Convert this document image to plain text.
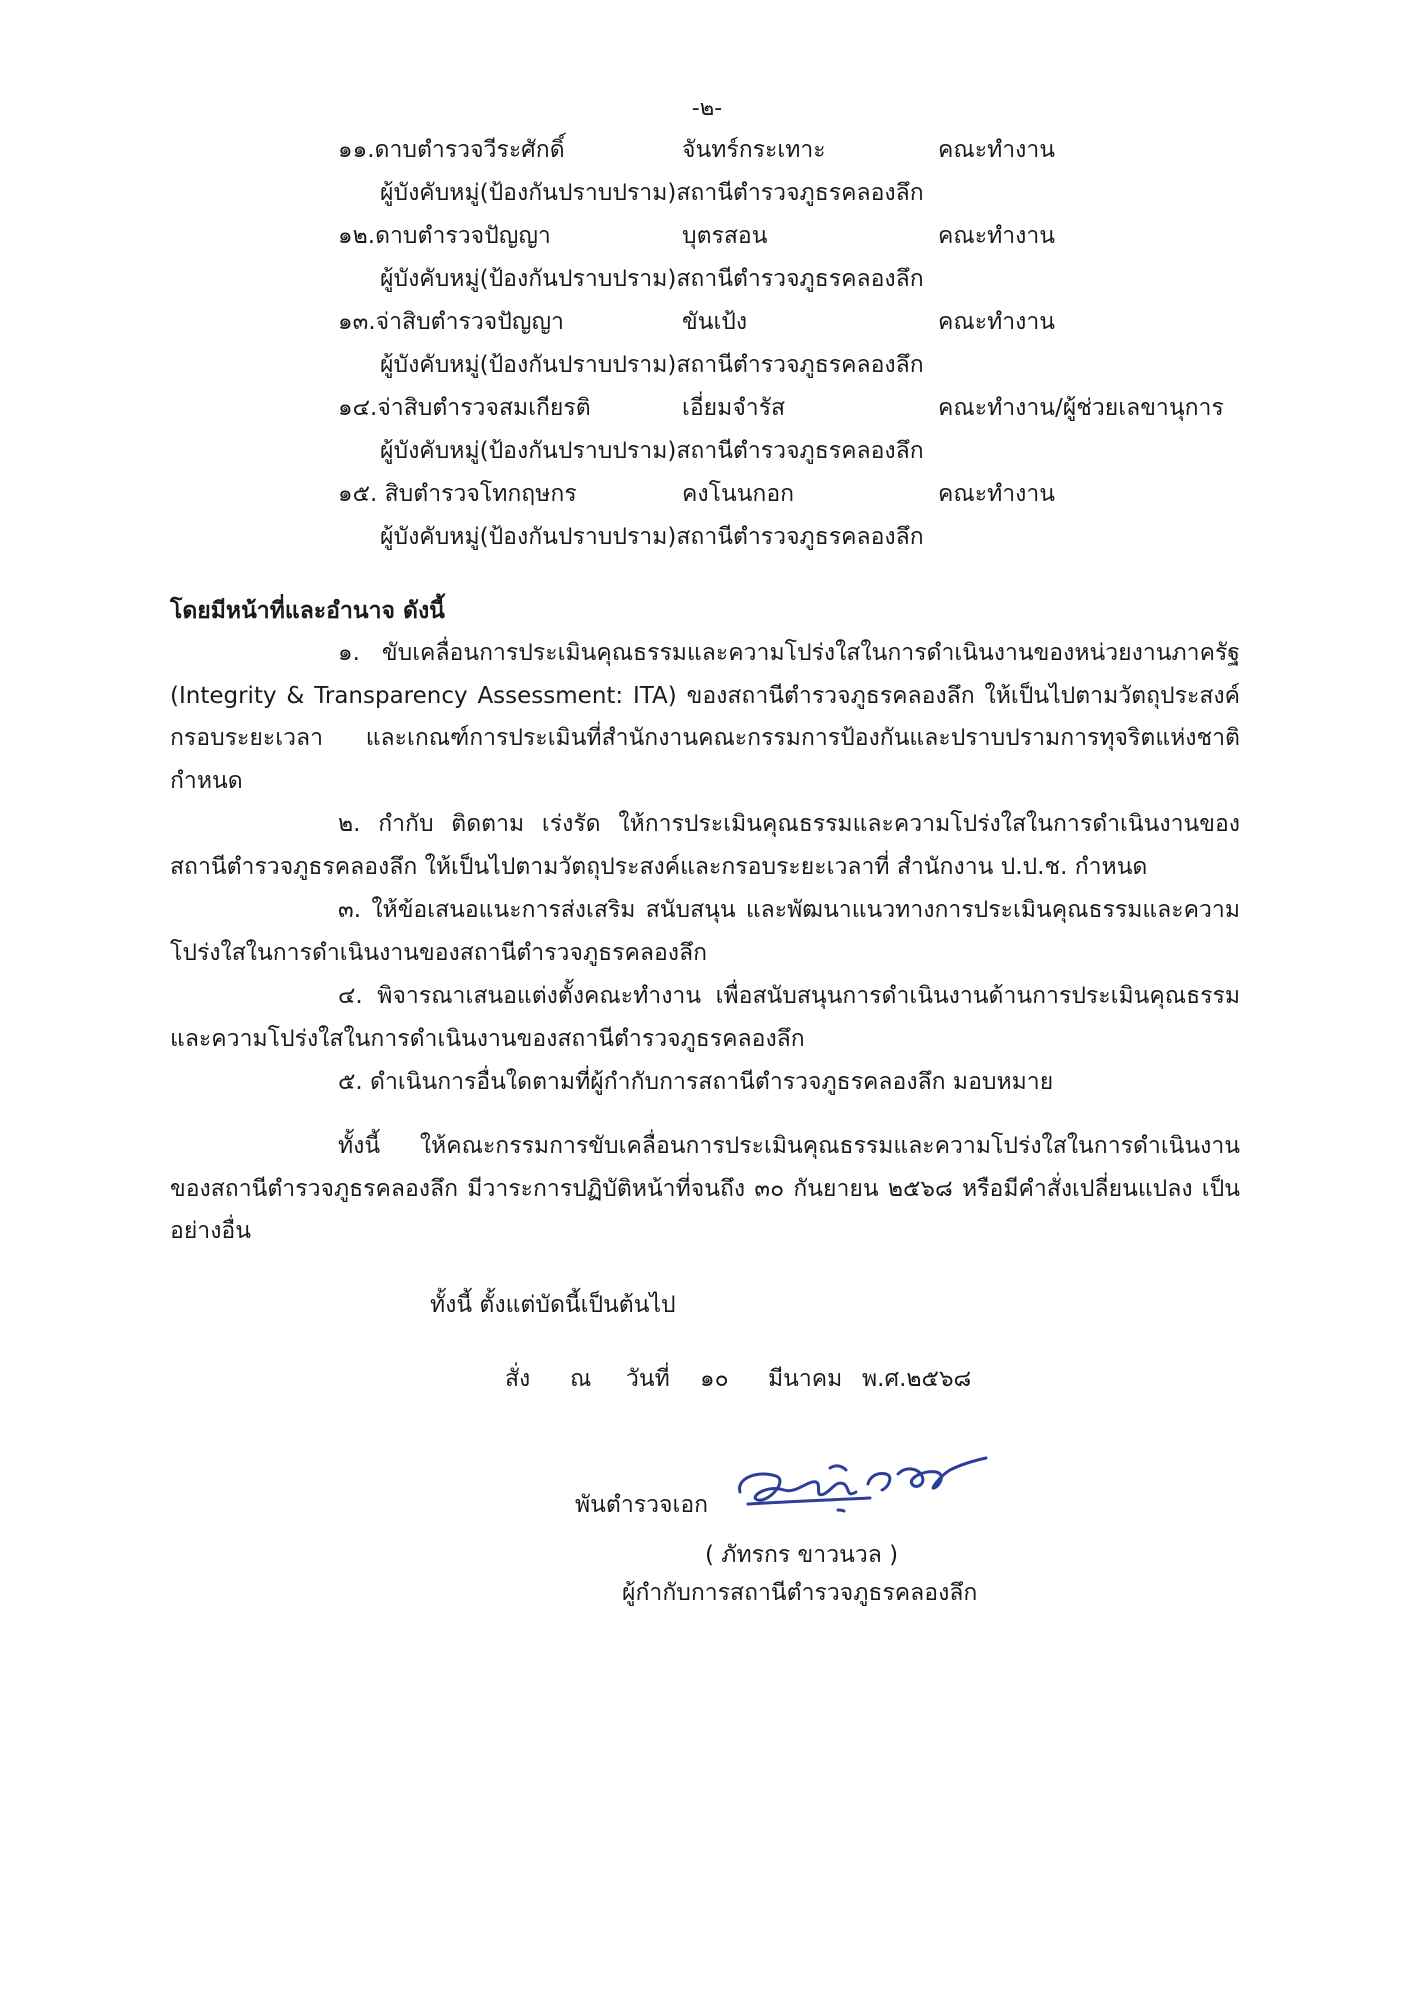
-๒-
๑๑.ดาบตำรวจวีระศักดิ์	จันทร์กระเทาะ	คณะทำงาน
ผู้บังคับหมู่(ป้องกันปราบปราม)สถานีตำรวจภูธรคลองลึก
๑๒.ดาบตำรวจปัญญา	บุตรสอน	คณะทำงาน
ผู้บังคับหมู่(ป้องกันปราบปราม)สถานีตำรวจภูธรคลองลึก
๑๓.จ่าสิบตำรวจปัญญา	ขันเป้ง	คณะทำงาน
ผู้บังคับหมู่(ป้องกันปราบปราม)สถานีตำรวจภูธรคลองลึก
๑๔.จ่าสิบตำรวจสมเกียรติ	เอี่ยมจำรัส	คณะทำงาน/ผู้ช่วยเลขานุการ
ผู้บังคับหมู่(ป้องกันปราบปราม)สถานีตำรวจภูธรคลองลึก
๑๕. สิบตำรวจโทกฤษกร	คงโนนกอก	คณะทำงาน
ผู้บังคับหมู่(ป้องกันปราบปราม)สถานีตำรวจภูธรคลองลึก
โดยมีหน้าที่และอำนาจ ดังนี้

๑. ขับเคลื่อนการประเมินคุณธรรมและความโปร่งใสในการดำเนินงานของหน่วยงานภาครัฐ (Integrity & Transparency Assessment: ITA) ของสถานีตำรวจภูธรคลองลึก ให้เป็นไปตามวัตถุประสงค์ กรอบระยะเวลา และเกณฑ์การประเมินที่สำนักงานคณะกรรมการป้องกันและปราบปรามการทุจริตแห่งชาติ กำหนด

๒. กำกับ ติดตาม เร่งรัด ให้การประเมินคุณธรรมและความโปร่งใสในการดำเนินงานของ สถานีตำรวจภูธรคลองลึก ให้เป็นไปตามวัตถุประสงค์และกรอบระยะเวลาที่ สำนักงาน ป.ป.ช. กำหนด

๓. ให้ข้อเสนอแนะการส่งเสริม สนับสนุน และพัฒนาแนวทางการประเมินคุณธรรมและความ โปร่งใสในการดำเนินงานของสถานีตำรวจภูธรคลองลึก

๔. พิจารณาเสนอแต่งตั้งคณะทำงาน เพื่อสนับสนุนการดำเนินงานด้านการประเมินคุณธรรม และความโปร่งใสในการดำเนินงานของสถานีตำรวจภูธรคลองลึก

๕. ดำเนินการอื่นใดตามที่ผู้กำกับการสถานีตำรวจภูธรคลองลึก มอบหมาย

ทั้งนี้ ให้คณะกรรมการขับเคลื่อนการประเมินคุณธรรมและความโปร่งใสในการดำเนินงาน ของสถานีตำรวจภูธรคลองลึก มีวาระการปฏิบัติหน้าที่จนถึง ๓๐ กันยายน ๒๕๖๘ หรือมีคำสั่งเปลี่ยนแปลง เป็นอย่างอื่น

ทั้งนี้ ตั้งแต่บัดนี้เป็นต้นไป
สั่ง ณ วันที่ ๑๐ มีนาคม พ.ศ.๒๕๖๘
พันตำรวจเอก
( ภัทรกร ขาวนวล )
ผู้กำกับการสถานีตำรวจภูธรคลองลึก
